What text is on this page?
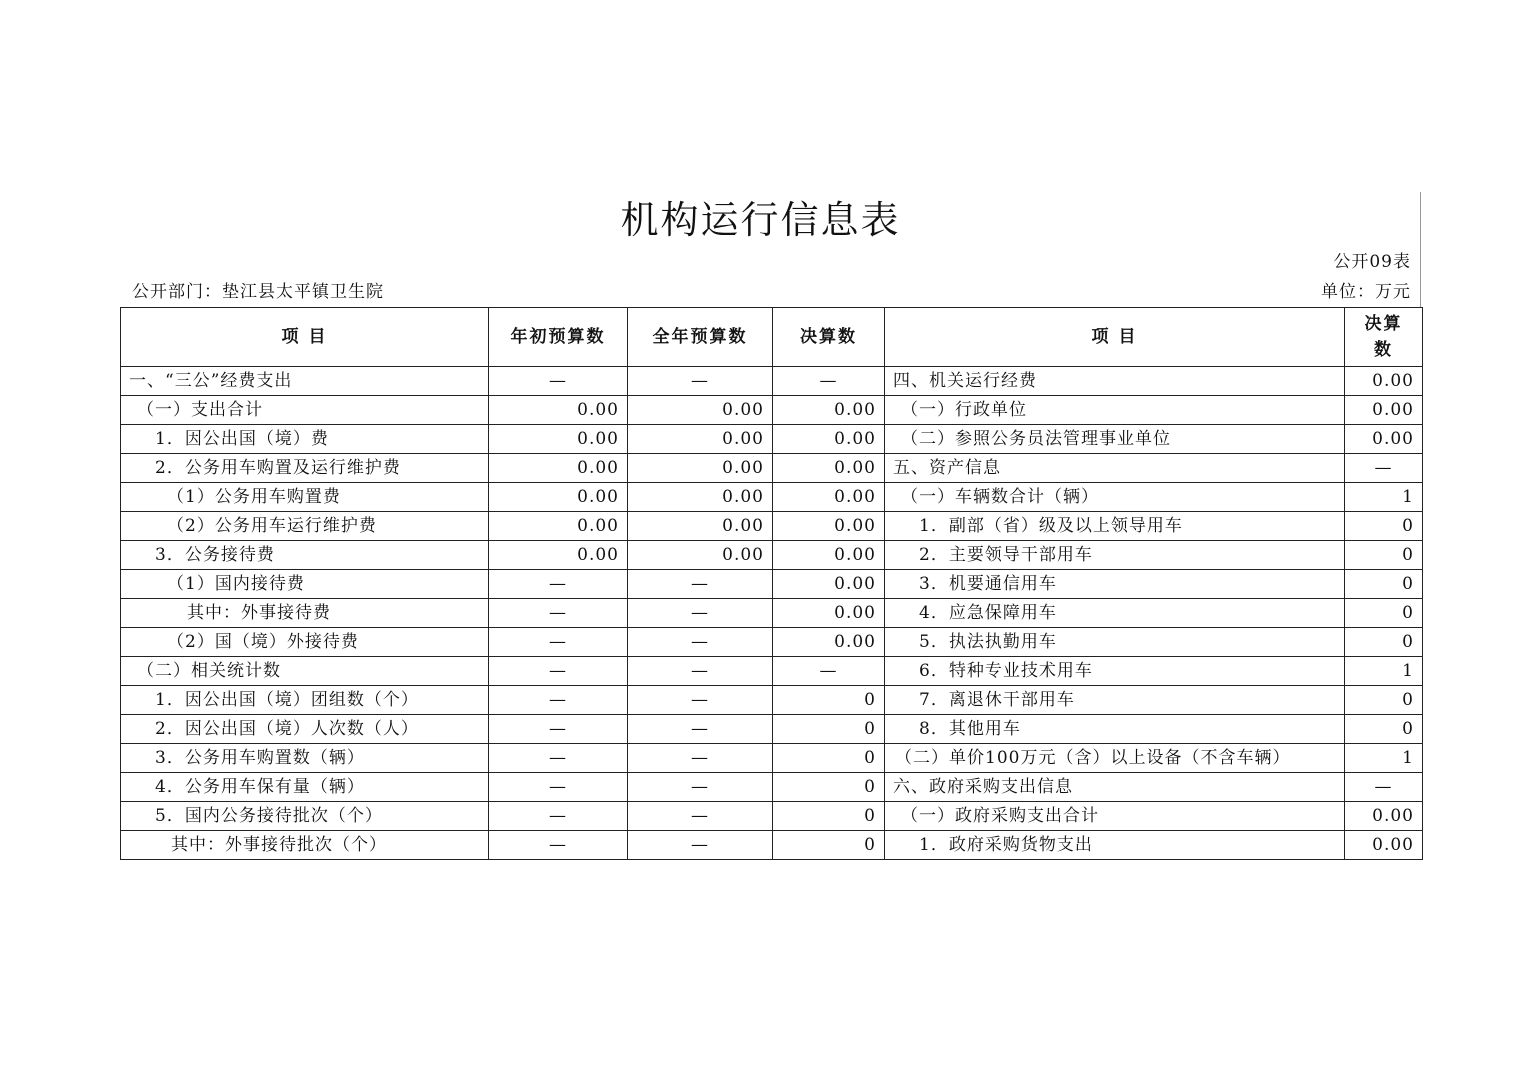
机构运行信息表
公开09表
公开部门：垫江县太平镇卫生院	单位：万元
项 目	年初预算数	全年预算数	决算数	项 目	决算数
一、“三公”经费支出	—	—	—	四、机关运行经费	0.00
（一）支出合计	0.00	0.00	0.00	（一）行政单位	0.00
1．因公出国（境）费	0.00	0.00	0.00	（二）参照公务员法管理事业单位	0.00
2．公务用车购置及运行维护费	0.00	0.00	0.00	五、资产信息	—
（1）公务用车购置费	0.00	0.00	0.00	（一）车辆数合计（辆）	1
（2）公务用车运行维护费	0.00	0.00	0.00	1．副部（省）级及以上领导用车	0
3．公务接待费	0.00	0.00	0.00	2．主要领导干部用车	0
（1）国内接待费	—	—	0.00	3．机要通信用车	0
其中：外事接待费	—	—	0.00	4．应急保障用车	0
（2）国（境）外接待费	—	—	0.00	5．执法执勤用车	0
（二）相关统计数	—	—	—	6．特种专业技术用车	1
1．因公出国（境）团组数（个）	—	—	0	7．离退休干部用车	0
2．因公出国（境）人次数（人）	—	—	0	8．其他用车	0
3．公务用车购置数（辆）	—	—	0	（二）单价100万元（含）以上设备（不含车辆）	1
4．公务用车保有量（辆）	—	—	0	六、政府采购支出信息	—
5．国内公务接待批次（个）	—	—	0	（一）政府采购支出合计	0.00
其中：外事接待批次（个）	—	—	0	1．政府采购货物支出	0.00
